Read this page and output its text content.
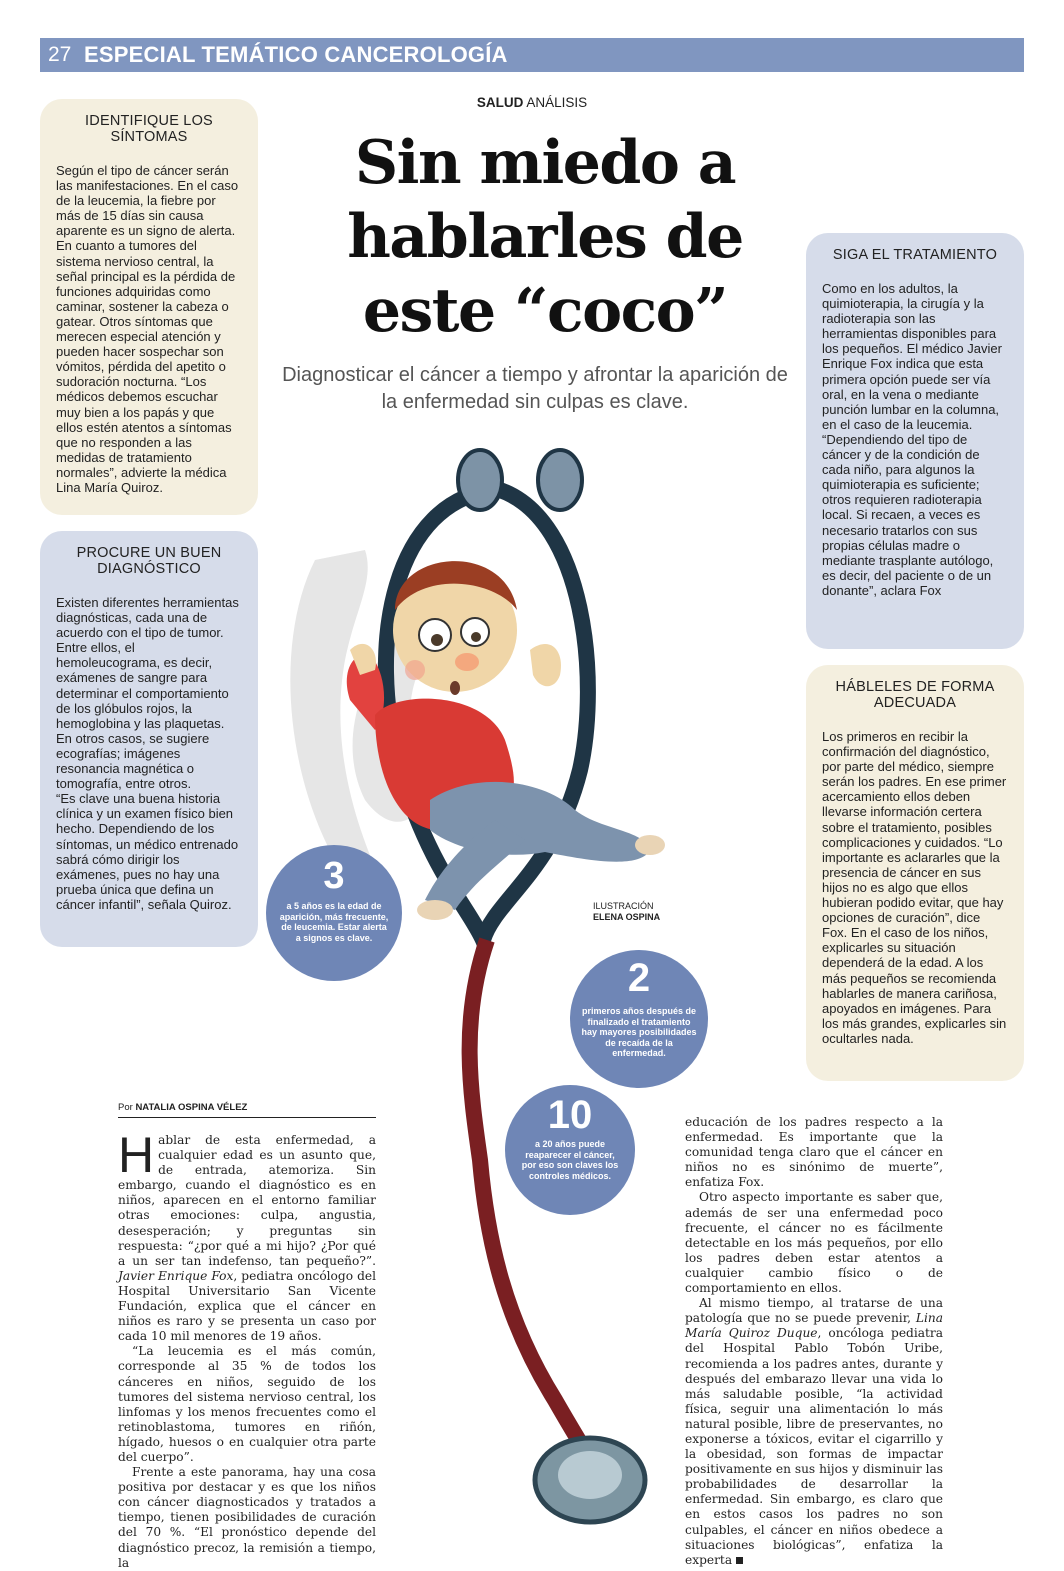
27 ESPECIAL TEMÁTICO CANCEROLOGÍA
IDENTIFIQUE LOS SÍNTOMAS
Según el tipo de cáncer serán las manifestaciones. En el caso de la leucemia, la fiebre por más de 15 días sin causa aparente es un signo de alerta. En cuanto a tumores del sistema nervioso central, la señal principal es la pérdida de funciones adquiridas como caminar, sostener la cabeza o gatear. Otros síntomas que merecen especial atención y pueden hacer sospechar son vómitos, pérdida del apetito o sudoración nocturna. “Los médicos debemos escuchar muy bien a los papás y que ellos estén atentos a síntomas que no responden a las medidas de tratamiento normales”, advierte la médica Lina María Quiroz.
PROCURE UN BUEN DIAGNÓSTICO
Existen diferentes herramientas diagnósticas, cada una de acuerdo con el tipo de tumor. Entre ellos, el hemoleucograma, es decir, exámenes de sangre para determinar el comportamiento de los glóbulos rojos, la hemoglobina y las plaquetas. En otros casos, se sugiere ecografías; imágenes resonancia magnética o tomografía, entre otros.
“Es clave una buena historia clínica y un examen físico bien hecho. Dependiendo de los síntomas, un médico entrenado sabrá cómo dirigir los exámenes, pues no hay una prueba única que defina un cáncer infantil”, señala Quiroz.
SIGA EL TRATAMIENTO
Como en los adultos, la quimioterapia, la cirugía y la radioterapia son las herramientas disponibles para los pequeños. El médico Javier Enrique Fox indica que esta primera opción puede ser vía oral, en la vena o mediante punción lumbar en la columna, en el caso de la leucemia. “Dependiendo del tipo de cáncer y de la condición de cada niño, para algunos la quimioterapia es suficiente; otros requieren radioterapia local. Si recaen, a veces es necesario tratarlos con sus propias células madre o mediante trasplante autólogo, es decir, del paciente o de un donante”, aclara Fox
HÁBLELES DE FORMA ADECUADA
Los primeros en recibir la confirmación del diagnóstico, por parte del médico, siempre serán los padres. En ese primer acercamiento ellos deben llevarse información certera sobre el tratamiento, posibles complicaciones y cuidados. “Lo importante es aclararles que la presencia de cáncer en sus hijos no es algo que ellos hubieran podido evitar, que hay opciones de curación”, dice Fox. En el caso de los niños, explicarles su situación dependerá de la edad. A los más pequeños se recomienda hablarles de manera cariñosa, apoyados en imágenes. Para los más grandes, explicarles sin ocultarles nada.
SALUD ANÁLISIS
Sin miedo a
hablarles de
este “coco”
Diagnosticar el cáncer a tiempo y afrontar la aparición de la enfermedad sin culpas es clave.
ILUSTRACIÓN
ELENA OSPINA
3
a 5 años es la edad de aparición, más frecuente, de leucemia. Estar alerta a signos es clave.
2
primeros años después de finalizado el tratamiento hay mayores posibilidades de recaída de la enfermedad.
10
a 20 años puede reaparecer el cáncer, por eso son claves los controles médicos.
Por NATALIA OSPINA VÉLEZ

Hablar de esta enfermedad, a cualquier edad es un asunto que, de entrada, atemoriza. Sin embargo, cuando el diagnóstico es en niños, aparecen en el entorno familiar otras emociones: culpa, angustia, desesperación; y preguntas sin respuesta: “¿por qué a mi hijo? ¿Por qué a un ser tan indefenso, tan pequeño?”. Javier Enrique Fox, pediatra oncólogo del Hospital Universitario San Vicente Fundación, explica que el cáncer en niños es raro y se presenta un caso por cada 10 mil menores de 19 años.

“La leucemia es el más común, corresponde al 35 % de todos los cánceres en niños, seguido de los tumores del sistema nervioso central, los linfomas y los menos frecuentes como el retinoblastoma, tumores en riñón, hígado, huesos o en cualquier otra parte del cuerpo”.

Frente a este panorama, hay una cosa positiva por destacar y es que los niños con cáncer diagnosticados y tratados a tiempo, tienen posibilidades de curación del 70 %. “El pronóstico depende del diagnóstico precoz, la remisión a tiempo, la

educación de los padres respecto a la enfermedad. Es importante que la comunidad tenga claro que el cáncer en niños no es sinónimo de muerte”, enfatiza Fox.

Otro aspecto importante es saber que, además de ser una enfermedad poco frecuente, el cáncer no es fácilmente detectable en los más pequeños, por ello los padres deben estar atentos a cualquier cambio físico o de comportamiento en ellos.

Al mismo tiempo, al tratarse de una patología que no se puede prevenir, Lina María Quiroz Duque, oncóloga pediatra del Hospital Pablo Tobón Uribe, recomienda a los padres antes, durante y después del embarazo llevar una vida lo más saludable posible, “la actividad física, seguir una alimentación lo más natural posible, libre de preservantes, no exponerse a tóxicos, evitar el cigarrillo y la obesidad, son formas de impactar positivamente en sus hijos y disminuir las probabilidades de desarrollar la enfermedad. Sin embargo, es claro que en estos casos los padres no son culpables, el cáncer en niños obedece a situaciones biológicas”, enfatiza la experta
